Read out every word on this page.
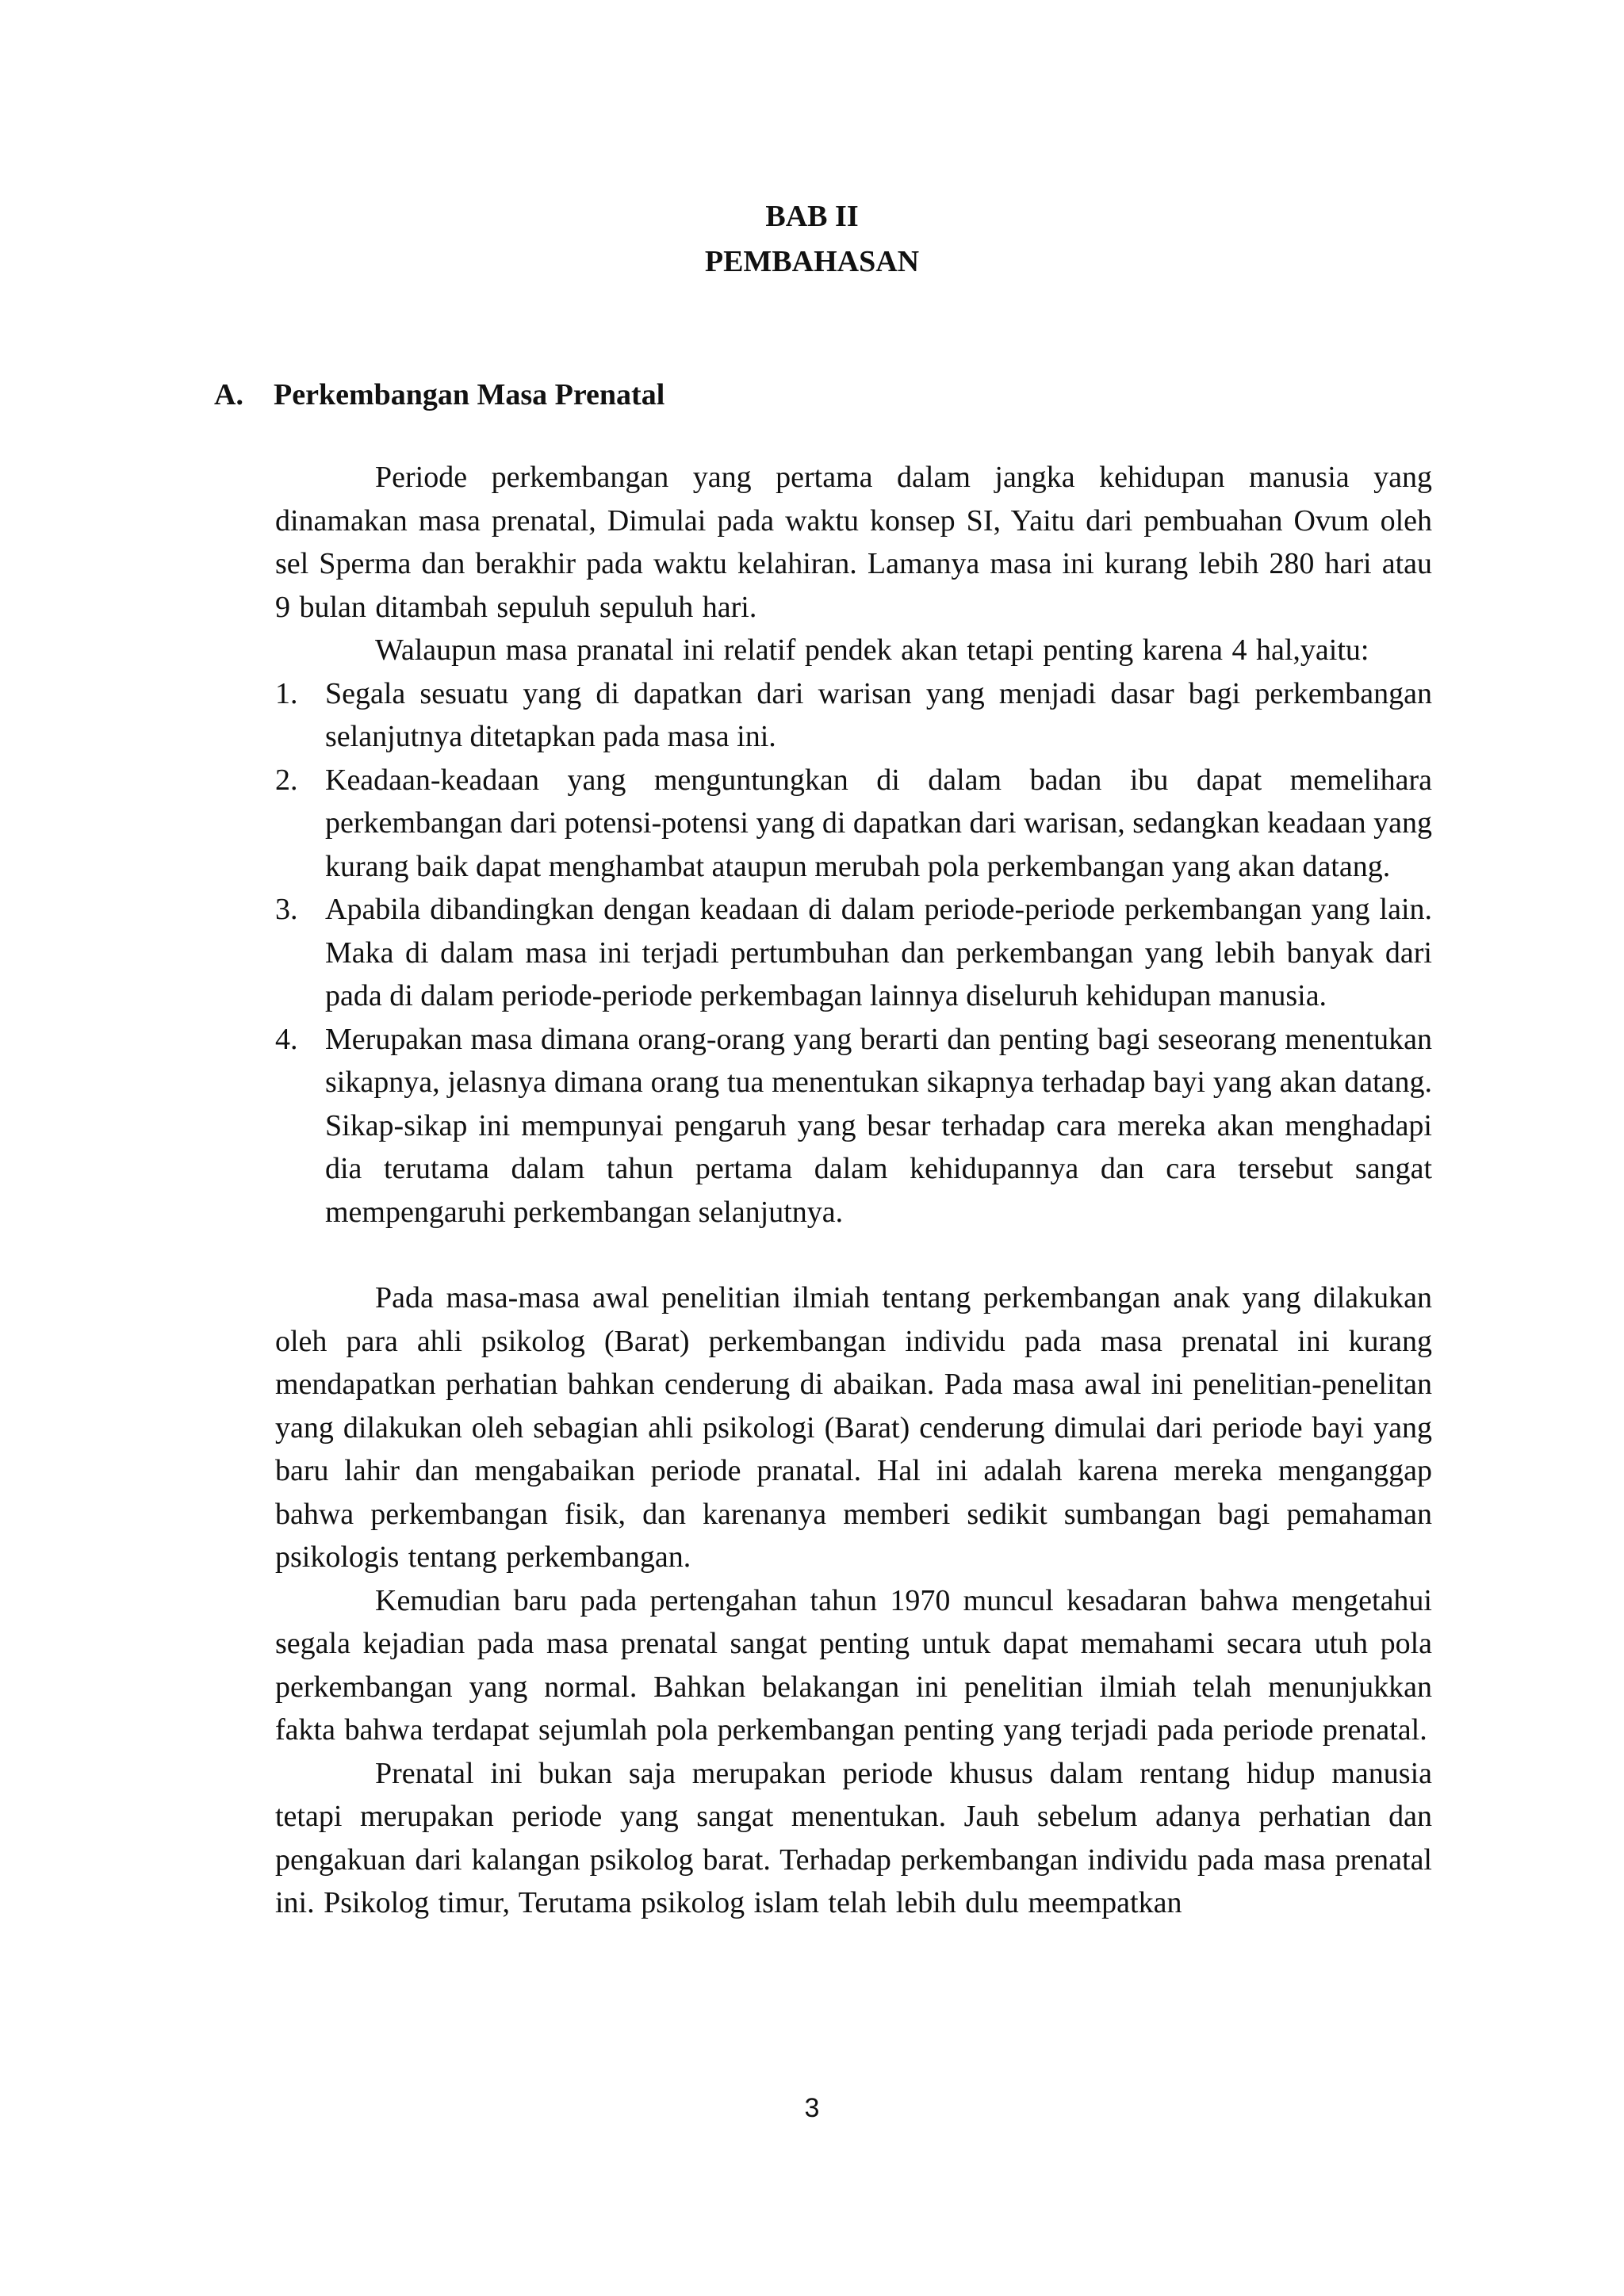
BAB II
PEMBAHASAN
A. Perkembangan Masa Prenatal

Periode perkembangan yang pertama dalam jangka kehidupan manusia yang dinamakan masa prenatal, Dimulai pada waktu konsep SI, Yaitu dari pembuahan Ovum oleh sel Sperma dan berakhir pada waktu kelahiran. Lamanya masa ini kurang lebih 280 hari atau 9 bulan ditambah sepuluh sepuluh hari.

Walaupun masa pranatal ini relatif pendek akan tetapi penting karena 4 hal,yaitu:

1. Segala sesuatu yang di dapatkan dari warisan yang menjadi dasar bagi perkembangan selanjutnya ditetapkan pada masa ini.
2. Keadaan-keadaan yang menguntungkan di dalam badan ibu dapat memelihara perkembangan dari potensi-potensi yang di dapatkan dari warisan, sedangkan keadaan yang kurang baik dapat menghambat ataupun merubah pola perkembangan yang akan datang.
3. Apabila dibandingkan dengan keadaan di dalam periode-periode perkembangan yang lain. Maka di dalam masa ini terjadi pertumbuhan dan perkembangan yang lebih banyak dari pada di dalam periode-periode perkembagan lainnya diseluruh kehidupan manusia.
4. Merupakan masa dimana orang-orang yang berarti dan penting bagi seseorang menentukan sikapnya, jelasnya dimana orang tua menentukan sikapnya terhadap bayi yang akan datang. Sikap-sikap ini mempunyai pengaruh yang besar terhadap cara mereka akan menghadapi dia terutama dalam tahun pertama dalam kehidupannya dan cara tersebut sangat mempengaruhi perkembangan selanjutnya.

Pada masa-masa awal penelitian ilmiah tentang perkembangan anak yang dilakukan oleh para ahli psikolog (Barat) perkembangan individu pada masa prenatal ini kurang mendapatkan perhatian bahkan cenderung di abaikan. Pada masa awal ini penelitian-penelitan yang dilakukan oleh sebagian ahli psikologi (Barat) cenderung dimulai dari periode bayi yang baru lahir dan mengabaikan periode pranatal. Hal ini adalah karena mereka menganggap bahwa perkembangan fisik, dan karenanya memberi sedikit sumbangan bagi pemahaman psikologis tentang perkembangan.

Kemudian baru pada pertengahan tahun 1970 muncul kesadaran bahwa mengetahui segala kejadian pada masa prenatal sangat penting untuk dapat memahami secara utuh pola perkembangan yang normal. Bahkan belakangan ini penelitian ilmiah telah menunjukkan fakta bahwa terdapat sejumlah pola perkembangan penting yang terjadi pada periode prenatal.

Prenatal ini bukan saja merupakan periode khusus dalam rentang hidup manusia tetapi merupakan periode yang sangat menentukan. Jauh sebelum adanya perhatian dan pengakuan dari kalangan psikolog barat. Terhadap perkembangan individu pada masa prenatal ini. Psikolog timur, Terutama psikolog islam telah lebih dulu meempatkan

3
